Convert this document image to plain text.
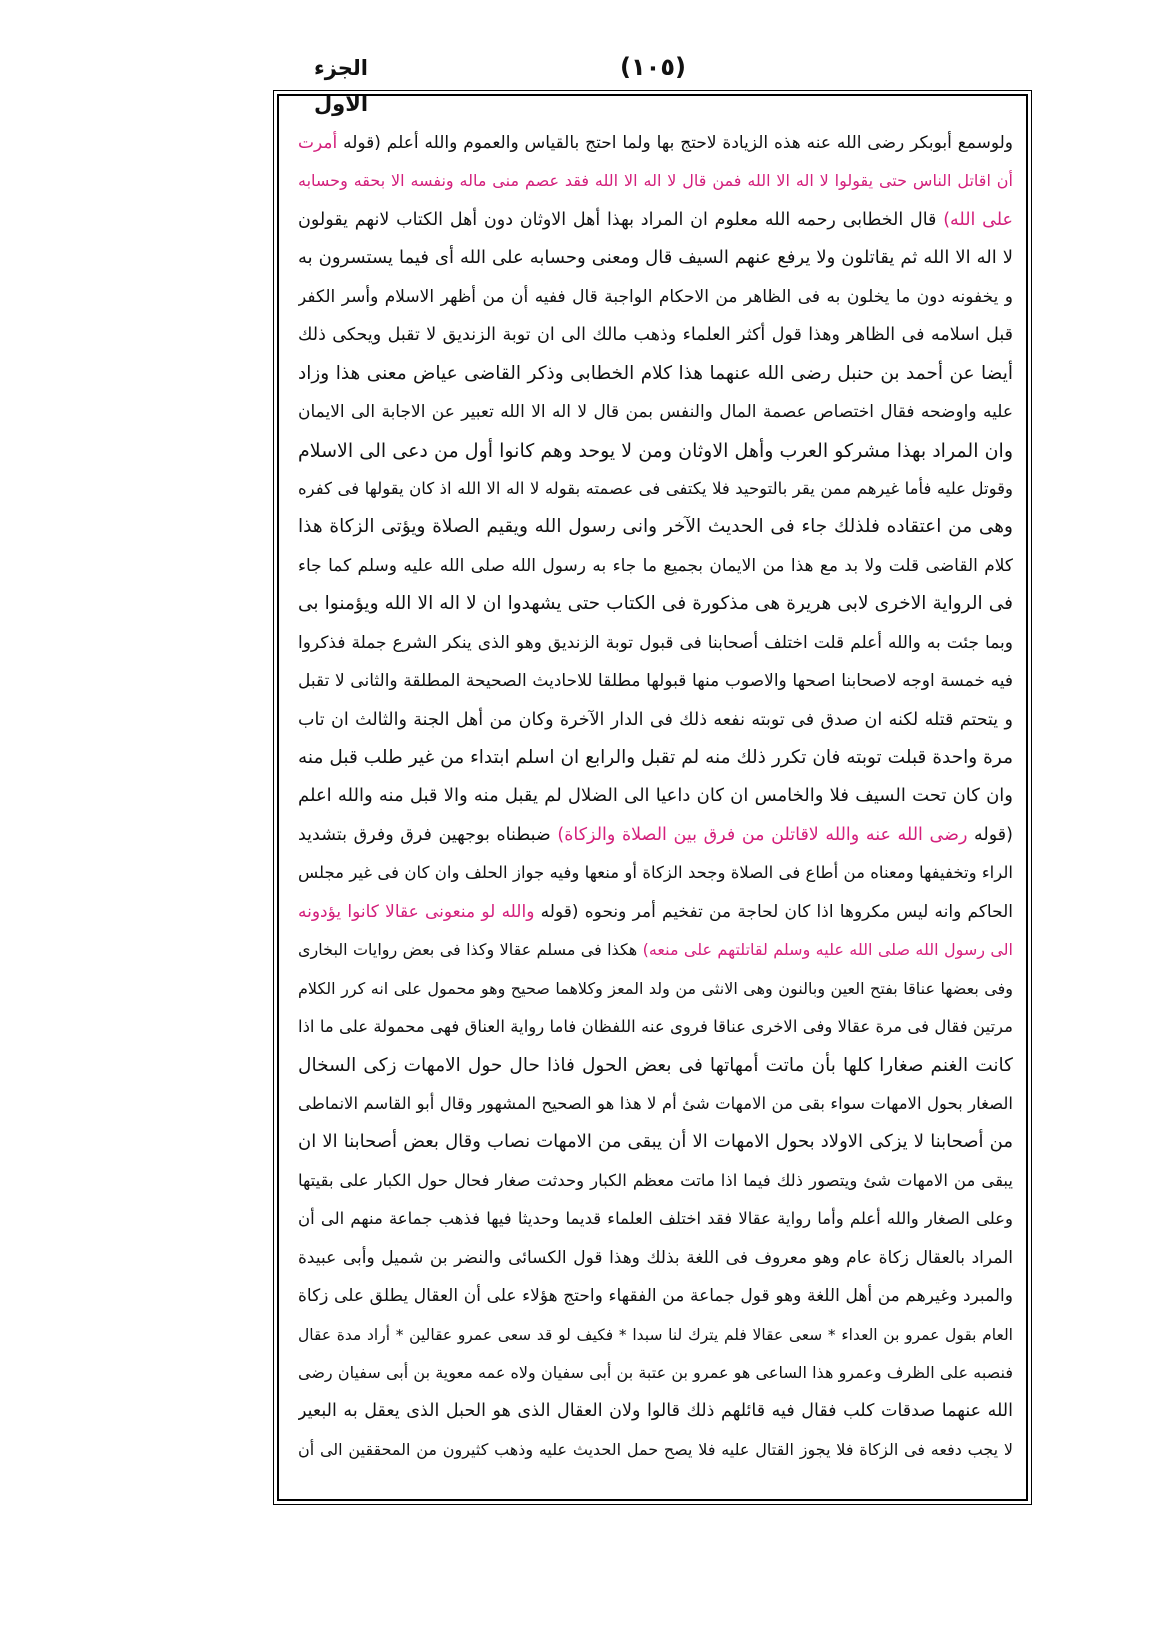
الجزء الاول
(١٠٥)
ولوسمع أبوبكر رضى الله عنه هذه الزيادة لاحتج بها ولما احتج بالقياس والعموم والله أعلم (قوله أمرت
أن اقاتل الناس حتى يقولوا لا اله الا الله فمن قال لا اله الا الله فقد عصم منى ماله ونفسه الا بحقه وحسابه
على الله) قال الخطابى رحمه الله معلوم ان المراد بهذا أهل الاوثان دون أهل الكتاب لانهم يقولون
لا اله الا الله ثم يقاتلون ولا يرفع عنهم السيف قال ومعنى وحسابه على الله أى فيما يستسرون به
و يخفونه دون ما يخلون به فى الظاهر من الاحكام الواجبة قال ففيه أن من أظهر الاسلام وأسر الكفر
قبل اسلامه فى الظاهر وهذا قول أكثر العلماء وذهب مالك الى ان توبة الزنديق لا تقبل ويحكى ذلك
أيضا عن أحمد بن حنبل رضى الله عنهما هذا كلام الخطابى وذكر القاضى عياض معنى هذا وزاد
عليه واوضحه فقال اختصاص عصمة المال والنفس بمن قال لا اله الا الله تعبير عن الاجابة الى الايمان
وان المراد بهذا مشركو العرب وأهل الاوثان ومن لا يوحد وهم كانوا أول من دعى الى الاسلام
وقوتل عليه فأما غيرهم ممن يقر بالتوحيد فلا يكتفى فى عصمته بقوله لا اله الا الله اذ كان يقولها فى كفره
وهى من اعتقاده فلذلك جاء فى الحديث الآخر وانى رسول الله ويقيم الصلاة ويؤتى الزكاة هذا
كلام القاضى قلت ولا بد مع هذا من الايمان بجميع ما جاء به رسول الله صلى الله عليه وسلم كما جاء
فى الرواية الاخرى لابى هريرة هى مذكورة فى الكتاب حتى يشهدوا ان لا اله الا الله ويؤمنوا بى
وبما جئت به والله أعلم قلت اختلف أصحابنا فى قبول توبة الزنديق وهو الذى ينكر الشرع جملة فذكروا
فيه خمسة اوجه لاصحابنا اصحها والاصوب منها قبولها مطلقا للاحاديث الصحيحة المطلقة والثانى لا تقبل
و يتحتم قتله لكنه ان صدق فى توبته نفعه ذلك فى الدار الآخرة وكان من أهل الجنة والثالث ان تاب
مرة واحدة قبلت توبته فان تكرر ذلك منه لم تقبل والرابع ان اسلم ابتداء من غير طلب قبل منه
وان كان تحت السيف فلا والخامس ان كان داعيا الى الضلال لم يقبل منه والا قبل منه والله اعلم
(قوله رضى الله عنه والله لاقاتلن من فرق بين الصلاة والزكاة) ضبطناه بوجهين فرق وفرق بتشديد
الراء وتخفيفها ومعناه من أطاع فى الصلاة وجحد الزكاة أو منعها وفيه جواز الحلف وان كان فى غير مجلس
الحاكم وانه ليس مكروها اذا كان لحاجة من تفخيم أمر ونحوه (قوله والله لو منعونى عقالا كانوا يؤدونه
الى رسول الله صلى الله عليه وسلم لقاتلتهم على منعه) هكذا فى مسلم عقالا وكذا فى بعض روايات البخارى
وفى بعضها عناقا بفتح العين وبالنون وهى الانثى من ولد المعز وكلاهما صحيح وهو محمول على انه كرر الكلام
مرتين فقال فى مرة عقالا وفى الاخرى عناقا فروى عنه اللفظان فاما رواية العناق فهى محمولة على ما اذا
كانت الغنم صغارا كلها بأن ماتت أمهاتها فى بعض الحول فاذا حال حول الامهات زكى السخال
الصغار بحول الامهات سواء بقى من الامهات شئ أم لا هذا هو الصحيح المشهور وقال أبو القاسم الانماطى
من أصحابنا لا يزكى الاولاد بحول الامهات الا أن يبقى من الامهات نصاب وقال بعض أصحابنا الا ان
يبقى من الامهات شئ ويتصور ذلك فيما اذا ماتت معظم الكبار وحدثت صغار فحال حول الكبار على بقيتها
وعلى الصغار والله أعلم وأما رواية عقالا فقد اختلف العلماء قديما وحديثا فيها فذهب جماعة منهم الى أن
المراد بالعقال زكاة عام وهو معروف فى اللغة بذلك وهذا قول الكسائى والنضر بن شميل وأبى عبيدة
والمبرد وغيرهم من أهل اللغة وهو قول جماعة من الفقهاء واحتج هؤلاء على أن العقال يطلق على زكاة
العام بقول عمرو بن العداء * سعى عقالا فلم يترك لنا سبدا * فكيف لو قد سعى عمرو عقالين * أراد مدة عقال
فنصبه على الظرف وعمرو هذا الساعى هو عمرو بن عتبة بن أبى سفيان ولاه عمه معوية بن أبى سفيان رضى
الله عنهما صدقات كلب فقال فيه قائلهم ذلك قالوا ولان العقال الذى هو الحبل الذى يعقل به البعير
لا يجب دفعه فى الزكاة فلا يجوز القتال عليه فلا يصح حمل الحديث عليه وذهب كثيرون من المحققين الى أن
